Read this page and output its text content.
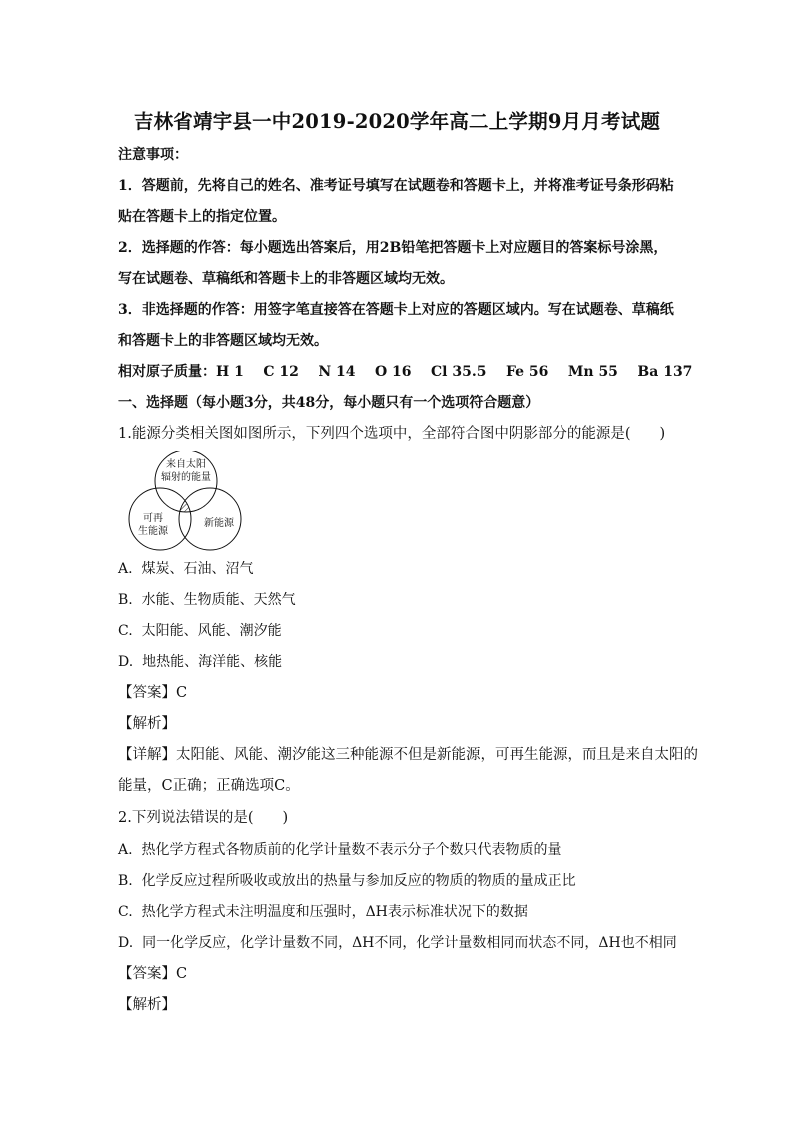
吉林省靖宇县一中2019-2020学年高二上学期9月月考试题
注意事项：
1．答题前，先将自己的姓名、准考证号填写在试题卷和答题卡上，并将准考证号条形码粘
贴在答题卡上的指定位置。
2．选择题的作答：每小题选出答案后，用2B铅笔把答题卡上对应题目的答案标号涂黑，
写在试题卷、草稿纸和答题卡上的非答题区域均无效。
3．非选择题的作答：用签字笔直接答在答题卡上对应的答题区域内。写在试题卷、草稿纸
和答题卡上的非答题区域均无效。
相对原子质量：H 1    C 12    N 14    O 16    Cl 35.5    Fe 56    Mn 55    Ba 137
一、选择题（每小题3分，共48分，每小题只有一个选项符合题意）
1.能源分类相关图如图所示，下列四个选项中，全部符合图中阴影部分的能源是(　　)
来自太阳
辐射的能量
可再
生能源
新能源
A.  煤炭、石油、沼气
B.  水能、生物质能、天然气
C.  太阳能、风能、潮汐能
D.  地热能、海洋能、核能
【答案】C
【解析】
【详解】太阳能、风能、潮汐能这三种能源不但是新能源，可再生能源，而且是来自太阳的
能量，C正确；正确选项C。
2.下列说法错误的是(　　)
A.  热化学方程式各物质前的化学计量数不表示分子个数只代表物质的量
B.  化学反应过程所吸收或放出的热量与参加反应的物质的物质的量成正比
C.  热化学方程式未注明温度和压强时，ΔH表示标准状况下的数据
D.  同一化学反应，化学计量数不同，ΔH不同，化学计量数相同而状态不同，ΔH也不相同
【答案】C
【解析】
